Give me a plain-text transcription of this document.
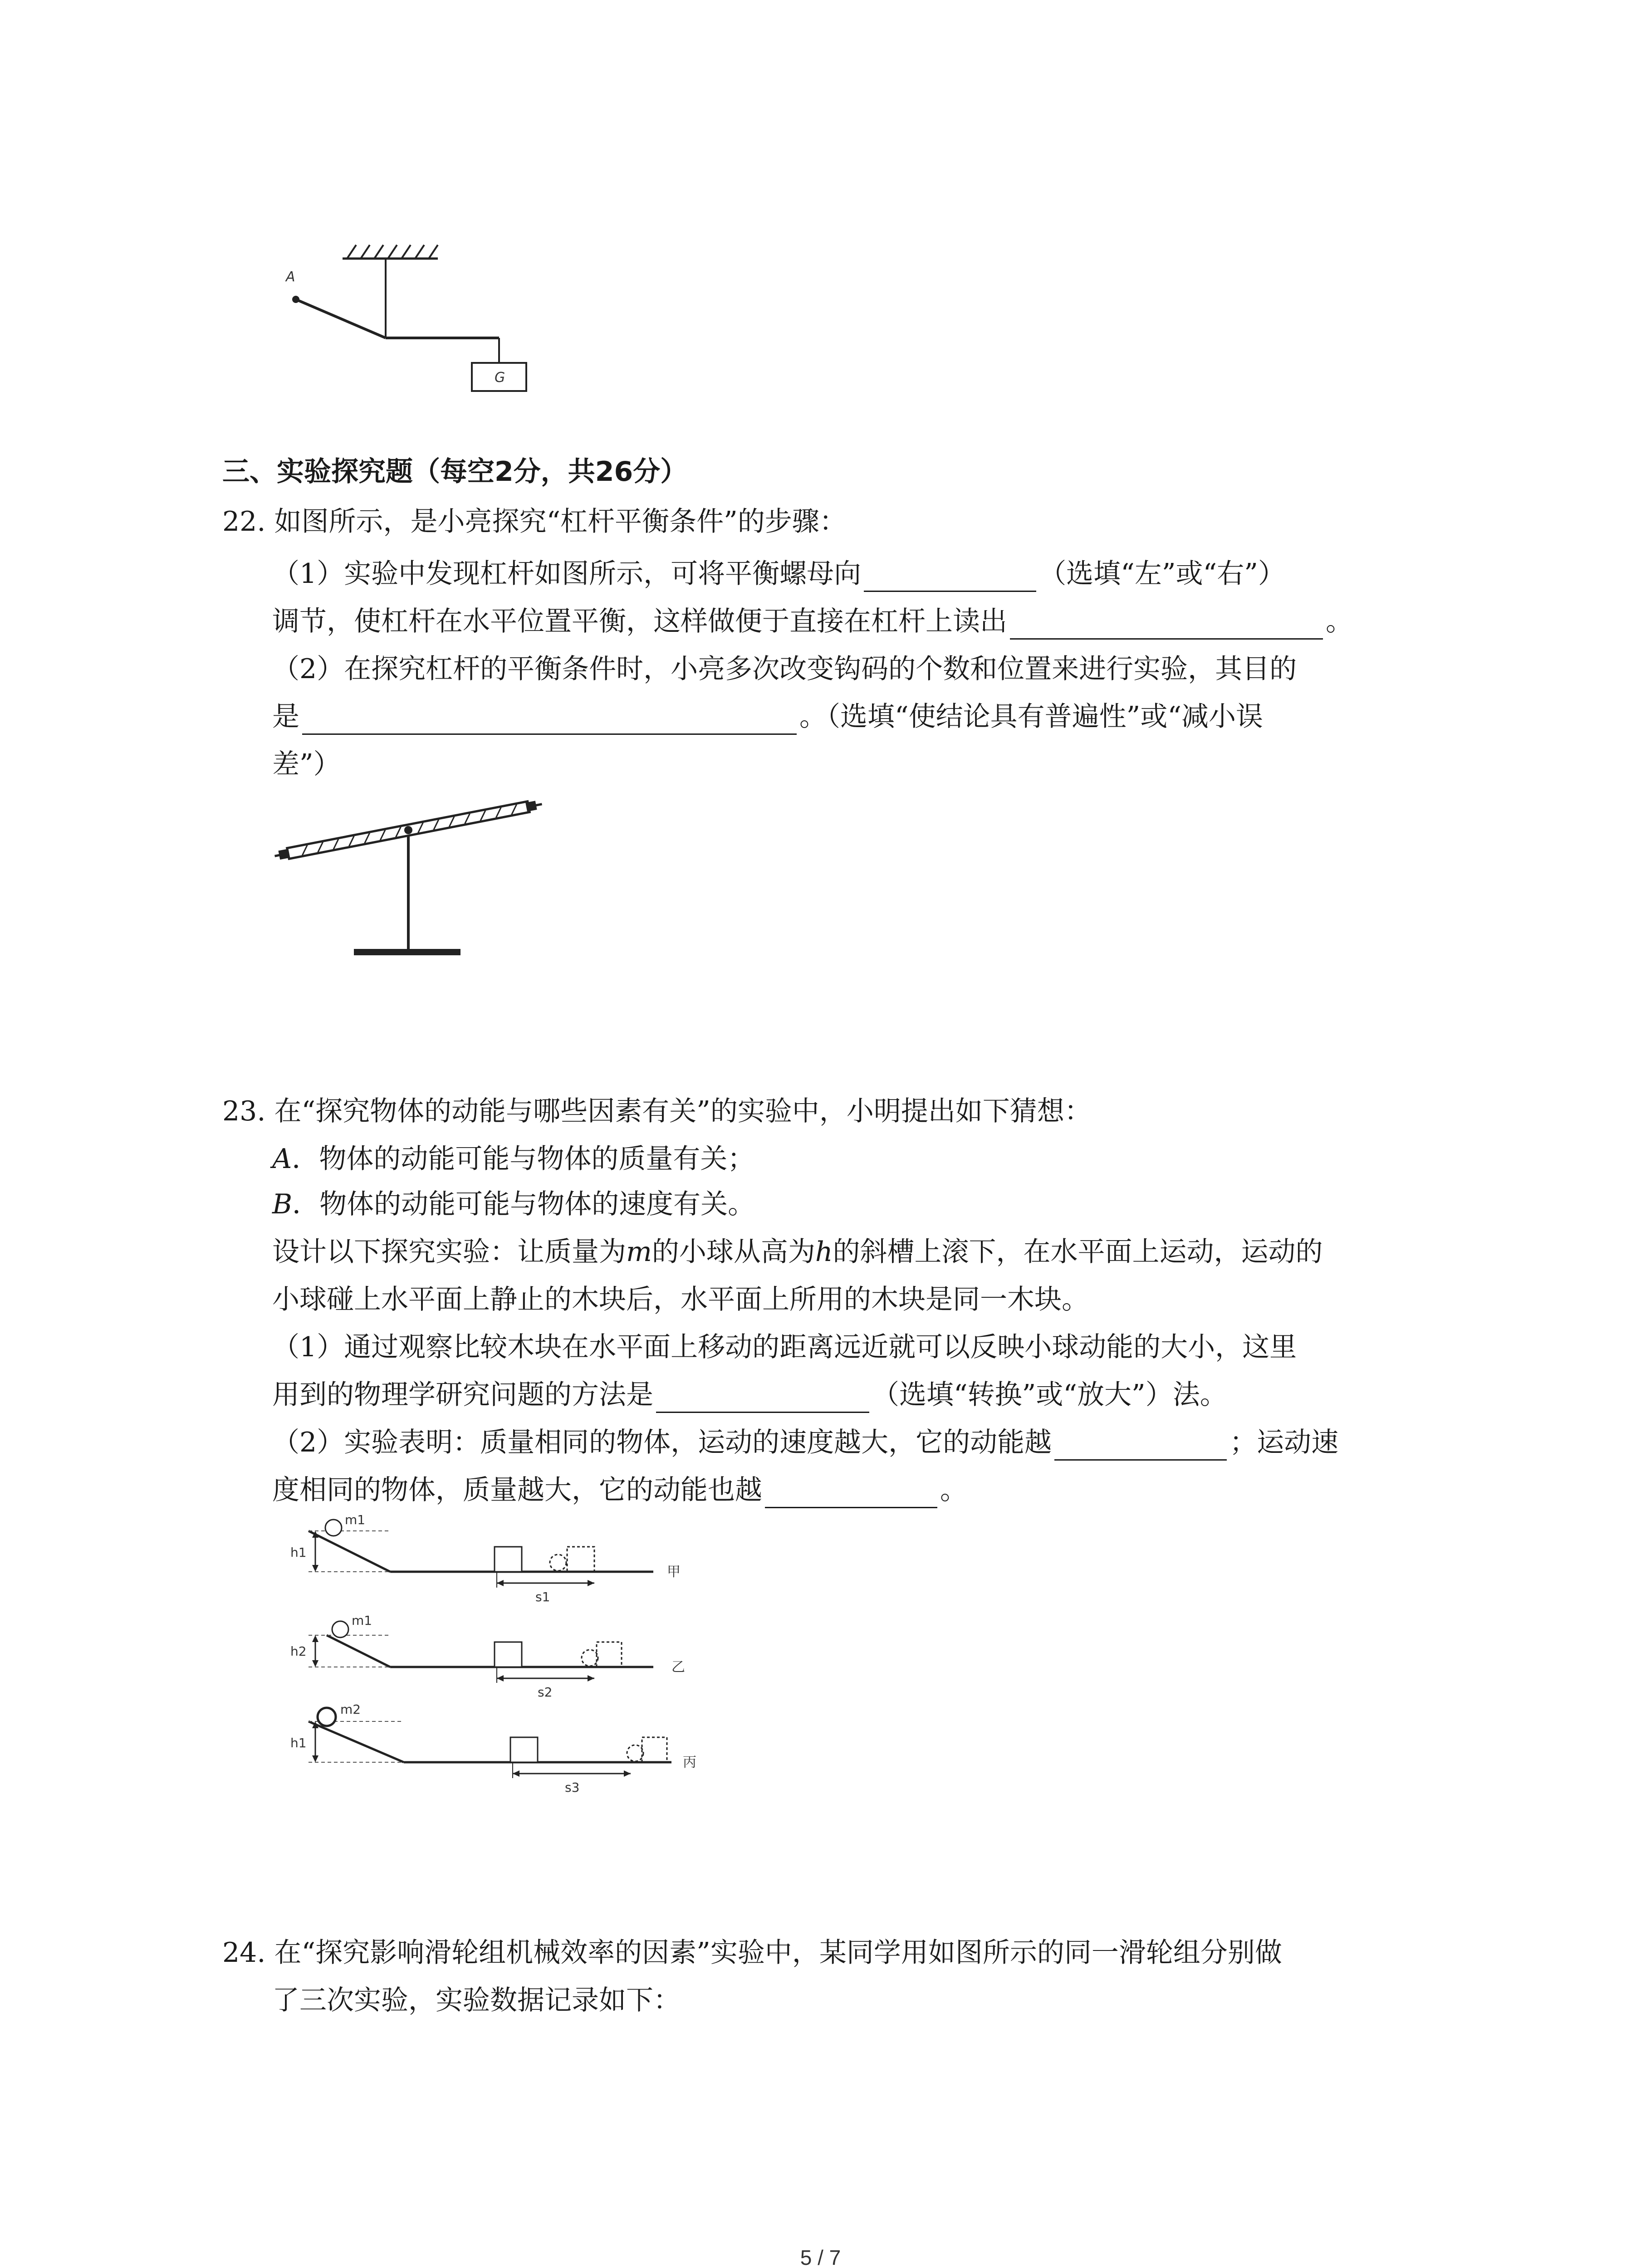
A
G
三、实验探究题（每空2分，共26分）
22. 如图所示，是小亮探究“杠杆平衡条件”的步骤：
（1）实验中发现杠杆如图所示，可将平衡螺母向	（选填“左”或“右”）
调节，使杠杆在水平位置平衡，这样做便于直接在杠杆上读出	。
（2）在探究杠杆的平衡条件时，小亮多次改变钩码的个数和位置来进行实验，其目的
是	。（选填“使结论具有普遍性”或“减小误
差”）
23. 在“探究物体的动能与哪些因素有关”的实验中，小明提出如下猜想：
A．物体的动能可能与物体的质量有关；
B．物体的动能可能与物体的速度有关。
设计以下探究实验：让质量为m的小球从高为h的斜槽上滚下，在水平面上运动，运动的
小球碰上水平面上静止的木块后，水平面上所用的木块是同一木块。
（1）通过观察比较木块在水平面上移动的距离远近就可以反映小球动能的大小，这里
用到的物理学研究问题的方法是	（选填“转换”或“放大”）法。
（2）实验表明：质量相同的物体，运动的速度越大，它的动能越	；运动速
度相同的物体，质量越大，它的动能也越	。
h1
m1
s1
甲
h2
m1
s2
乙
h1
m2
s3
丙
24. 在“探究影响滑轮组机械效率的因素”实验中，某同学用如图所示的同一滑轮组分别做
了三次实验，实验数据记录如下：
5 / 7
